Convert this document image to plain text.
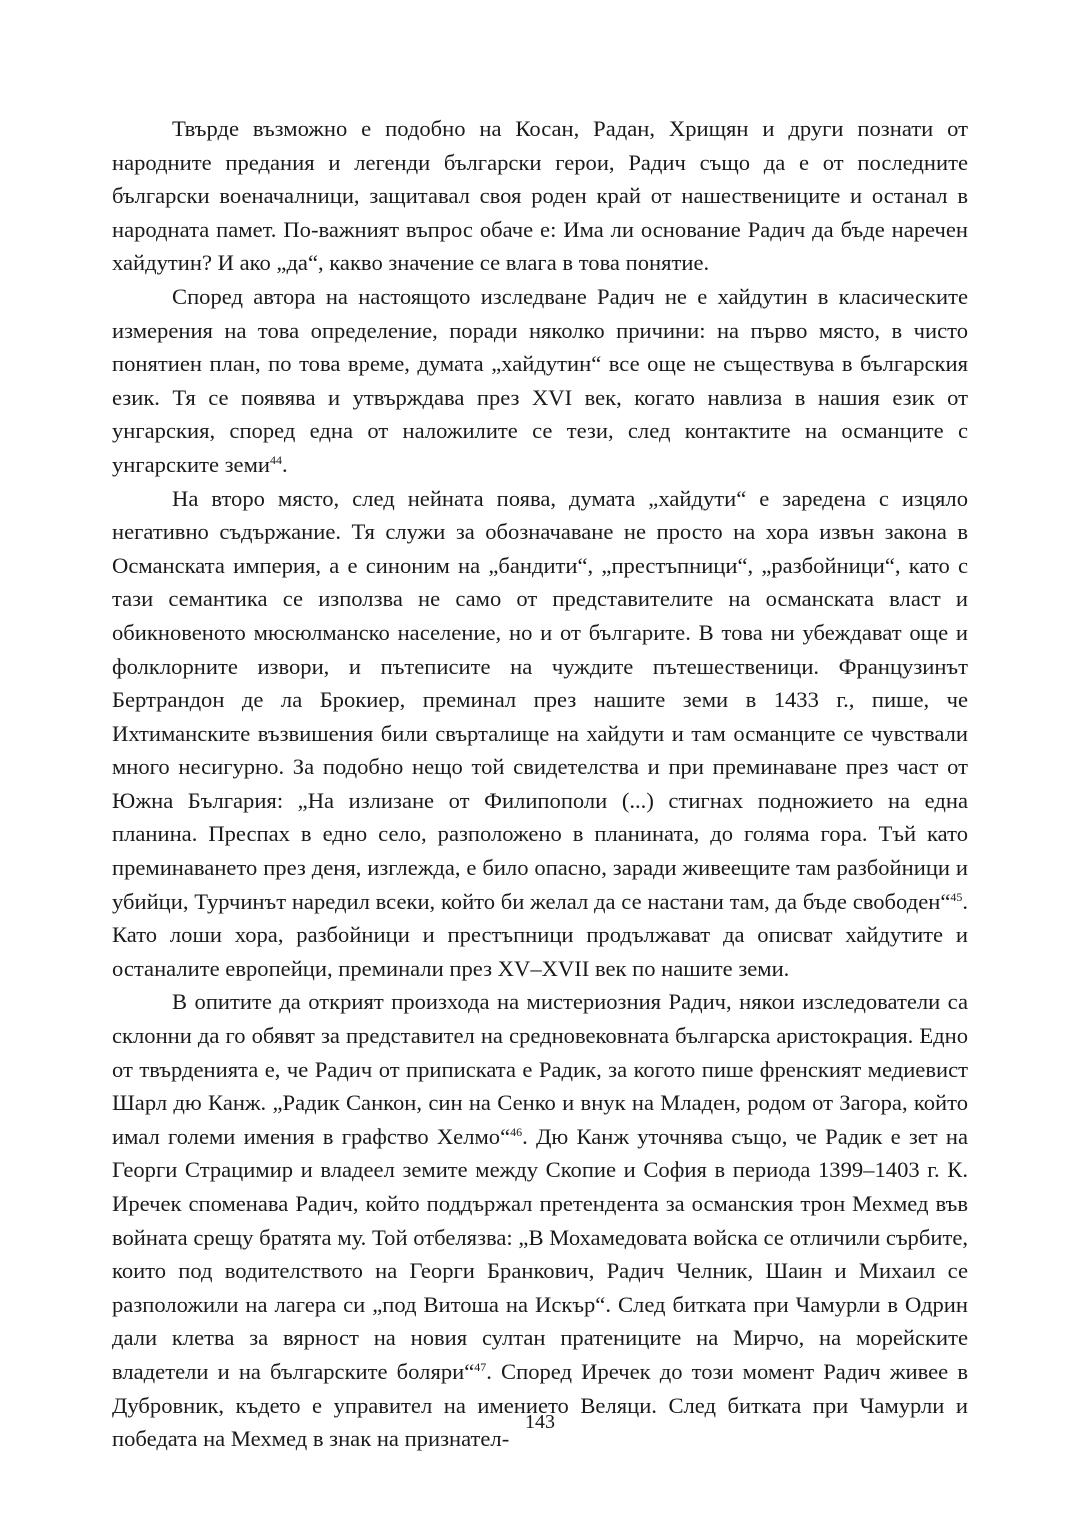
Твърде възможно е подобно на Косан, Радан, Хрищян и други познати от народните предания и легенди български герои, Радич също да е от последните български военачалници, защитавал своя роден край от нашествениците и останал в народната памет. По-важният въпрос обаче е: Има ли основание Радич да бъде наречен хайдутин? И ако „да“, какво значение се влага в това понятие.

Според автора на настоящото изследване Радич не е хайдутин в класическите измерения на това определение, поради няколко причини: на първо място, в чисто понятиен план, по това време, думата „хайдутин“ все още не съществува в българския език. Тя се появява и утвърждава през XVI век, когато навлиза в нашия език от унгарския, според една от наложилите се тези, след контактите на османците с унгарските земи$^{44}$.

На второ място, след нейната поява, думата „хайдути“ е заредена с изцяло негативно съдържание. Тя служи за обозначаване не просто на хора извън закона в Османската империя, а е синоним на „бандити“, „престъпници“, „разбойници“, като с тази семантика се използва не само от представителите на османската власт и обикновеното мюсюлманско население, но и от българите. В това ни убеждават още и фолклорните извори, и пътеписите на чуждите пътешественици. Французинът Бертрандон де ла Брокиер, преминал през нашите земи в 1433 г., пише, че Ихтиманските възвишения били свърталище на хайдути и там османците се чувствали много несигурно. За подобно нещо той свидетелства и при преминаване през част от Южна България: „На излизане от Филипополи (...) стигнах подножието на една планина. Преспах в едно село, разположено в планината, до голяма гора. Тъй като преминаването през деня, изглежда, е било опасно, заради живеещите там разбойници и убийци, Турчинът наредил всеки, който би желал да се настани там, да бъде свободен“$^{45}$. Като лоши хора, разбойници и престъпници продължават да описват хайдутите и останалите европейци, преминали през XV–XVII век по нашите земи.

В опитите да открият произхода на мистериозния Радич, някои изследователи са склонни да го обявят за представител на средновековната българска аристокрация. Едно от твърденията е, че Радич от приписката е Радик, за когото пише френският медиевист Шарл дю Канж. „Радик Санкон, син на Сенко и внук на Младен, родом от Загора, който имал големи имения в графство Хелмо“$^{46}$. Дю Канж уточнява също, че Радик е зет на Георги Страцимир и владеел земите между Скопие и София в периода 1399–1403 г. К. Иречек споменава Радич, който поддържал претендента за османския трон Мехмед във войната срещу братята му. Той отбелязва: „В Мохамедовата войска се отличили сърбите, които под водителството на Георги Бранкович, Радич Челник, Шаин и Михаил се разположили на лагера си „под Витоша на Искър“. След битката при Чамурли в Одрин дали клетва за вярност на новия султан пратениците на Мирчо, на морейските владетели и на българските боляри“$^{47}$. Според Иречек до този момент Радич живее в Дубровник, където е управител на имението Веляци. След битката при Чамурли и победата на Мехмед в знак на признател-

143
